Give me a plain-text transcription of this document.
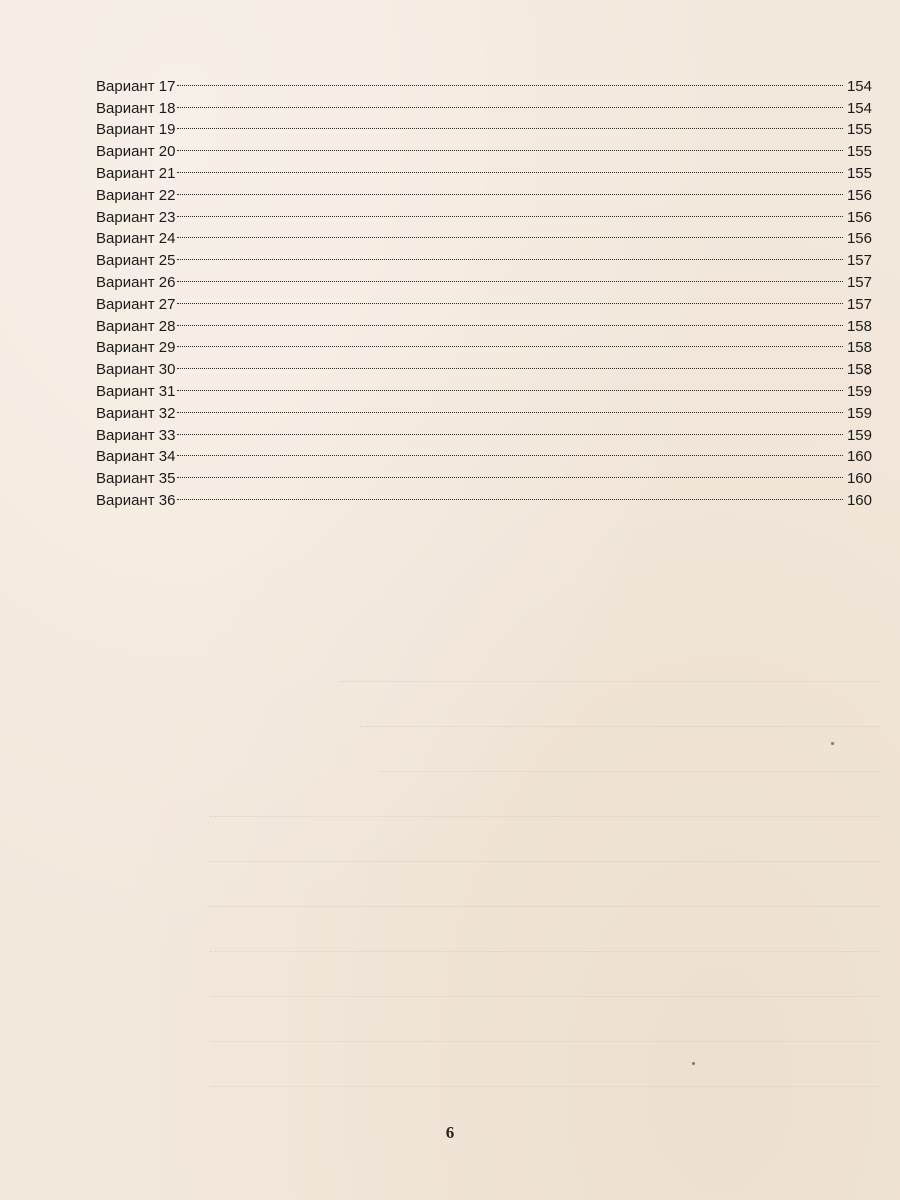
Вариант 17	154
Вариант 18	154
Вариант 19	155
Вариант 20	155
Вариант 21	155
Вариант 22	156
Вариант 23	156
Вариант 24	156
Вариант 25	157
Вариант 26	157
Вариант 27	157
Вариант 28	158
Вариант 29	158
Вариант 30	158
Вариант 31	159
Вариант 32	159
Вариант 33	159
Вариант 34	160
Вариант 35	160
Вариант 36	160
6
